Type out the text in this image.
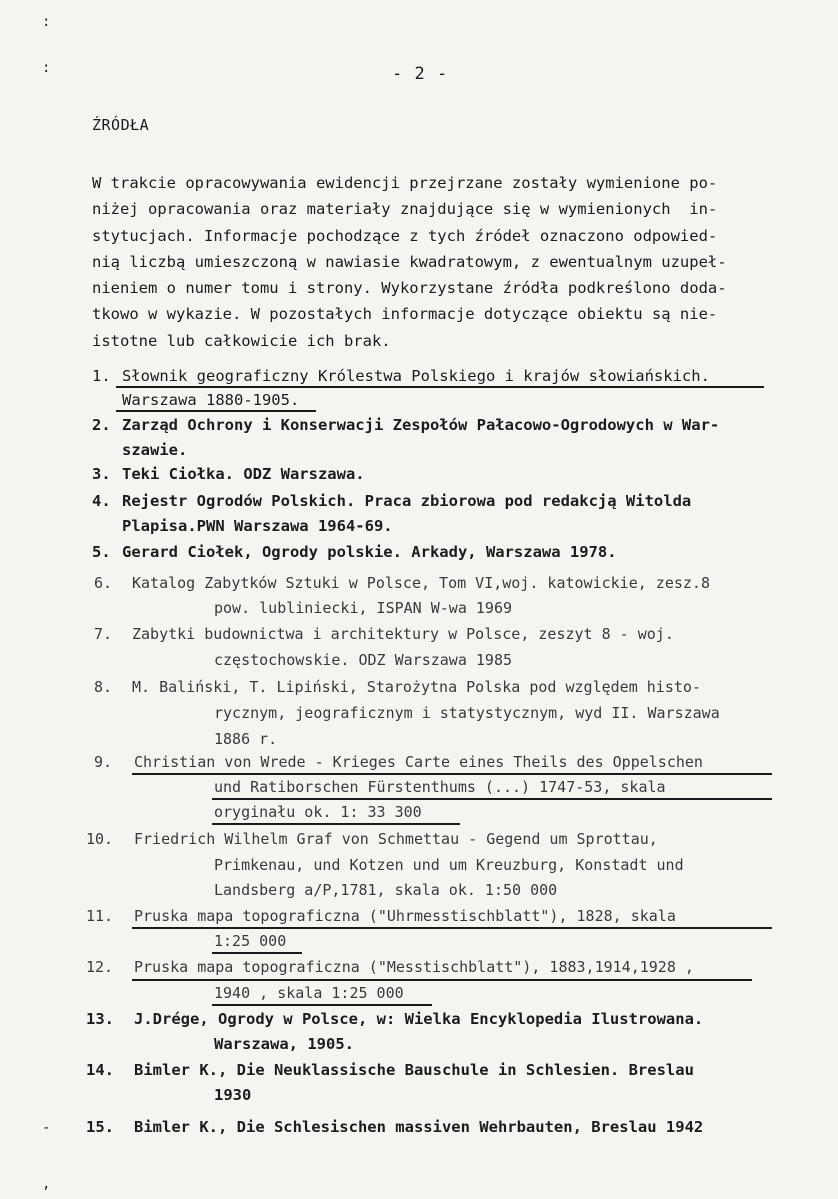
:
:	- 2 -
ŹRÓDŁA
W trakcie opracowywania ewidencji przejrzane zostały wymienione po-
niżej opracowania oraz materiały znajdujące się w wymienionych  in-
stytucjach. Informacje pochodzące z tych źródeł oznaczono odpowied-
nią liczbą umieszczoną w nawiasie kwadratowym, z ewentualnym uzupeł-
nieniem o numer tomu i strony. Wykorzystane źródła podkreślono doda-
tkowo w wykazie. W pozostałych informacje dotyczące obiektu są nie-
istotne lub całkowicie ich brak.
1. Słownik geograficzny Królestwa Polskiego i krajów słowiańskich.
Warszawa 1880-1905.
2. Zarząd Ochrony i Konserwacji Zespołów Pałacowo-Ogrodowych w War-
szawie.
3. Teki Ciołka. ODZ Warszawa.
4. Rejestr Ogrodów Polskich. Praca zbiorowa pod redakcją Witolda
Plapisa.PWN Warszawa 1964-69.
5. Gerard Ciołek, Ogrody polskie. Arkady, Warszawa 1978.
6. Katalog Zabytków Sztuki w Polsce, Tom VI,woj. katowickie, zesz.8
pow. lubliniecki, ISPAN W-wa 1969
7. Zabytki budownictwa i architektury w Polsce, zeszyt 8 - woj.
częstochowskie. ODZ Warszawa 1985
8. M. Baliński, T. Lipiński, Starożytna Polska pod względem histo-
rycznym, jeograficznym i statystycznym, wyd II. Warszawa
1886 r.
9. Christian von Wrede - Krieges Carte eines Theils des Oppelschen
und Ratiborschen Fürstenthums (...) 1747-53, skala
oryginału ok. 1: 33 300
10. Friedrich Wilhelm Graf von Schmettau - Gegend um Sprottau,
Primkenau, und Kotzen und um Kreuzburg, Konstadt und
Landsberg a/P,1781, skala ok. 1:50 000
11. Pruska mapa topograficzna ("Uhrmesstischblatt"), 1828, skala
1:25 000
12. Pruska mapa topograficzna ("Messtischblatt"), 1883,1914,1928 ,
1940 , skala 1:25 000
13. J.Drége, Ogrody w Polsce, w: Wielka Encyklopedia Ilustrowana.
Warszawa, 1905.
14. Bimler K., Die Neuklassische Bauschule in Schlesien. Breslau
1930
15. Bimler K., Die Schlesischen massiven Wehrbauten, Breslau 1942
-
,
